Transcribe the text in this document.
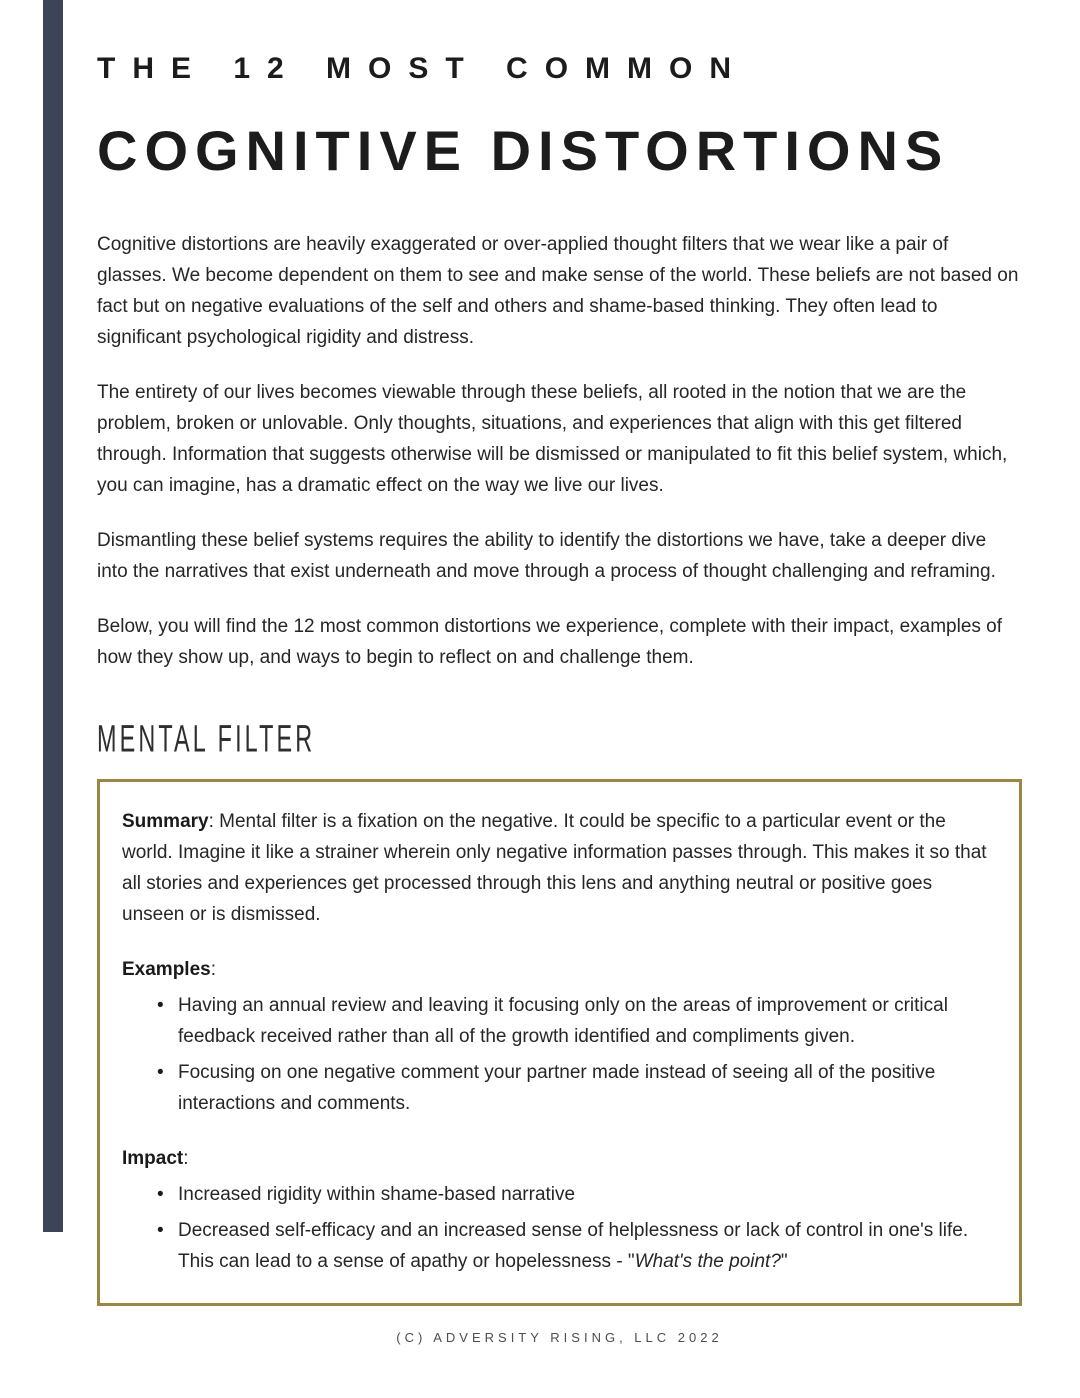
THE 12 MOST COMMON
COGNITIVE DISTORTIONS

Cognitive distortions are heavily exaggerated or over-applied thought filters that we wear like a pair of glasses. We become dependent on them to see and make sense of the world. These beliefs are not based on fact but on negative evaluations of the self and others and shame-based thinking. They often lead to significant psychological rigidity and distress.

The entirety of our lives becomes viewable through these beliefs, all rooted in the notion that we are the problem, broken or unlovable. Only thoughts, situations, and experiences that align with this get filtered through. Information that suggests otherwise will be dismissed or manipulated to fit this belief system, which, you can imagine, has a dramatic effect on the way we live our lives.

Dismantling these belief systems requires the ability to identify the distortions we have, take a deeper dive into the narratives that exist underneath and move through a process of thought challenging and reframing.

Below, you will find the 12 most common distortions we experience, complete with their impact, examples of how they show up, and ways to begin to reflect on and challenge them.

MENTAL FILTER

Summary: Mental filter is a fixation on the negative. It could be specific to a particular event or the world. Imagine it like a strainer wherein only negative information passes through. This makes it so that all stories and experiences get processed through this lens and anything neutral or positive goes unseen or is dismissed.

Examples:

• Having an annual review and leaving it focusing only on the areas of improvement or critical feedback received rather than all of the growth identified and compliments given.
• Focusing on one negative comment your partner made instead of seeing all of the positive interactions and comments.

Impact:

• Increased rigidity within shame-based narrative
• Decreased self-efficacy and an increased sense of helplessness or lack of control in one's life. This can lead to a sense of apathy or hopelessness - "What's the point?"
(C) ADVERSITY RISING, LLC 2022
